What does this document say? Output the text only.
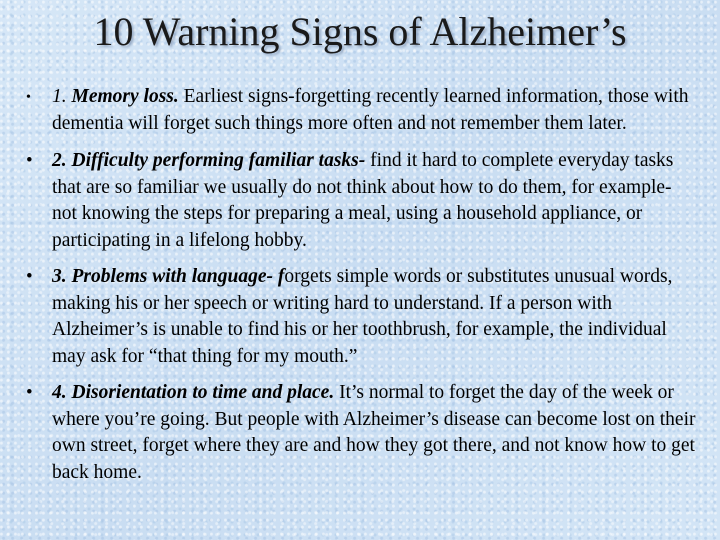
10 Warning Signs of Alzheimer’s
• 1. Memory loss. Earliest signs-forgetting recently learned information, those with dementia will forget such things more often and not remember them later.
• 2. Difficulty performing familiar tasks- find it hard to complete everyday tasks that are so familiar we usually do not think about how to do them, for example- not knowing the steps for preparing a meal, using a household appliance, or participating in a lifelong hobby.
• 3. Problems with language- forgets simple words or substitutes unusual words, making his or her speech or writing hard to understand. If a person with Alzheimer’s is unable to find his or her toothbrush, for example, the individual may ask for “that thing for my mouth.”
• 4. Disorientation to time and place. It’s normal to forget the day of the week or where you’re going. But people with Alzheimer’s disease can become lost on their own street, forget where they are and how they got there, and not know how to get back home.
